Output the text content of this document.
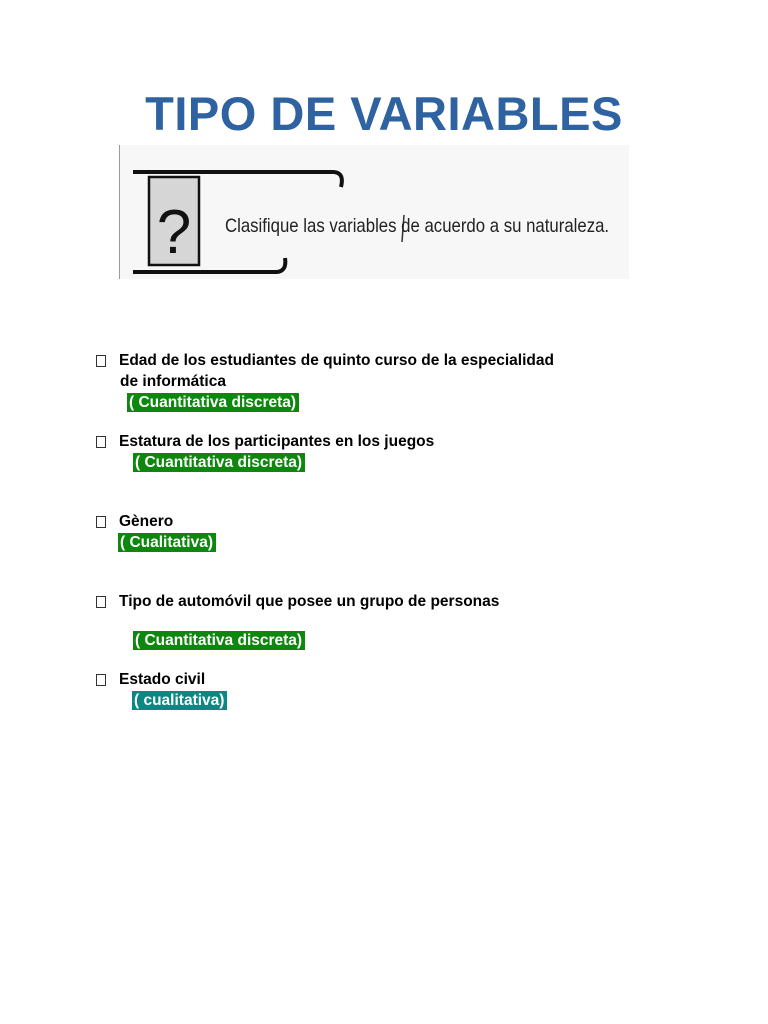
TIPO DE VARIABLES
? Clasifique las variables de acuerdo a su naturaleza.
Edad de los estudiantes de quinto curso de la especialidad
de informática
( Cuantitativa discreta)
Estatura de los participantes en los juegos
( Cuantitativa discreta)
Gènero
( Cualitativa)
Tipo de automóvil que posee un grupo de personas
( Cuantitativa discreta)
Estado civil
( cualitativa)
